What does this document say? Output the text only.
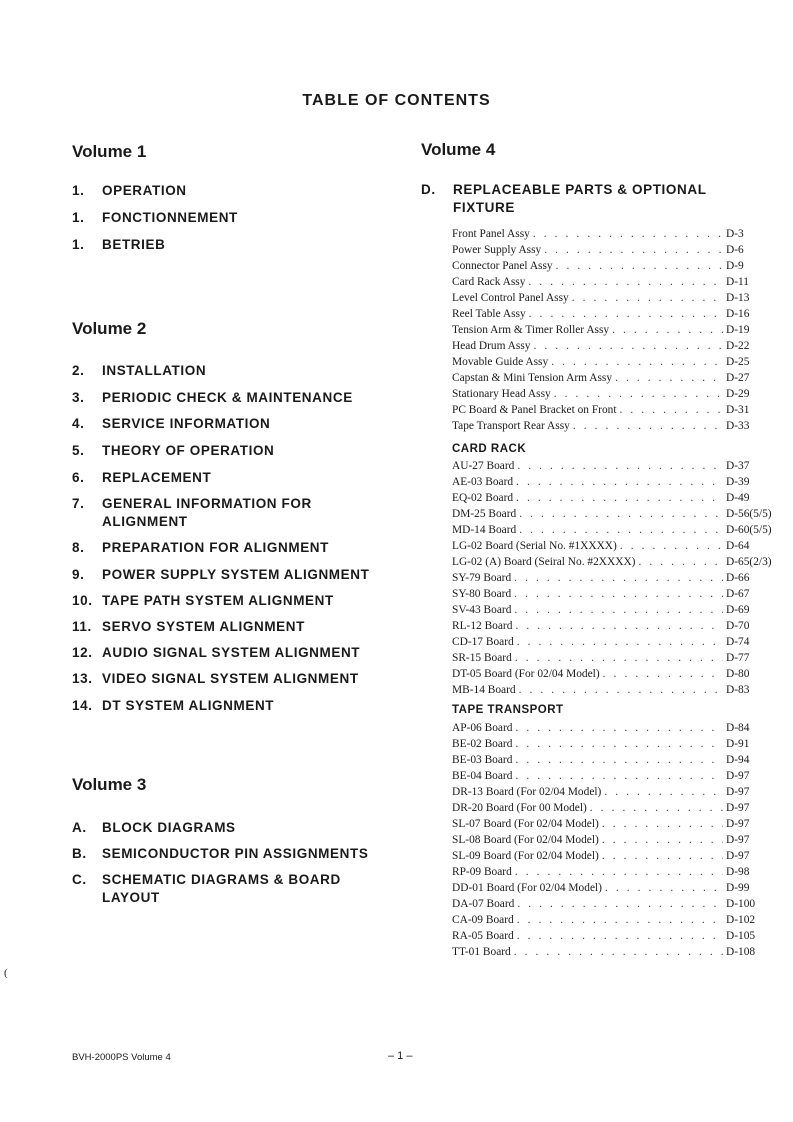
TABLE OF CONTENTS
Volume 1
1. OPERATION
1. FONCTIONNEMENT
1. BETRIEB
Volume 2
2. INSTALLATION
3. PERIODIC CHECK & MAINTENANCE
4. SERVICE INFORMATION
5. THEORY OF OPERATION
6. REPLACEMENT
7. GENERAL INFORMATION FOR ALIGNMENT
8. PREPARATION FOR ALIGNMENT
9. POWER SUPPLY SYSTEM ALIGNMENT
10. TAPE PATH SYSTEM ALIGNMENT
11. SERVO SYSTEM ALIGNMENT
12. AUDIO SIGNAL SYSTEM ALIGNMENT
13. VIDEO SIGNAL SYSTEM ALIGNMENT
14. DT SYSTEM ALIGNMENT
Volume 3
A. BLOCK DIAGRAMS
B. SEMICONDUCTOR PIN ASSIGNMENTS
C. SCHEMATIC DIAGRAMS & BOARD LAYOUT
Volume 4
D. REPLACEABLE PARTS & OPTIONAL FIXTURE
Front Panel Assy . . .	D-3
Power Supply Assy . . .	D-6
Connector Panel Assy . . .	D-9
Card Rack Assy . . .	D-11
Level Control Panel Assy . . .	D-13
Reel Table Assy . . .	D-16
Tension Arm & Timer Roller Assy . . .	D-19
Head Drum Assy . . .	D-22
Movable Guide Assy . . .	D-25
Capstan & Mini Tension Arm Assy . . .	D-27
Stationary Head Assy . . .	D-29
PC Board & Panel Bracket on Front . . .	D-31
Tape Transport Rear Assy . . .	D-33
CARD RACK
AU-27 Board . . .	D-37
AE-03 Board . . .	D-39
EQ-02 Board . . .	D-49
DM-25 Board . . .	D-56(5/5)
MD-14 Board . . .	D-60(5/5)
LG-02 Board (Serial No. #1XXXX) . . .	D-64
LG-02 (A) Board (Seiral No. #2XXXX) . . .	D-65(2/3)
SY-79 Board . . .	D-66
SY-80 Board . . .	D-67
SV-43 Board . . .	D-69
RL-12 Board . . .	D-70
CD-17 Board . . .	D-74
SR-15 Board . . .	D-77
DT-05 Board (For 02/04 Model) . . .	D-80
MB-14 Board . . .	D-83
TAPE TRANSPORT
AP-06 Board . . .	D-84
BE-02 Board . . .	D-91
BE-03 Board . . .	D-94
BE-04 Board . . .	D-97
DR-13 Board (For 02/04 Model) . . .	D-97
DR-20 Board (For 00 Model) . . .	D-97
SL-07 Board (For 02/04 Model) . . .	D-97
SL-08 Board (For 02/04 Model) . . .	D-97
SL-09 Board (For 02/04 Model) . . .	D-97
RP-09 Board . . .	D-98
DD-01 Board (For 02/04 Model) . . .	D-99
DA-07 Board . . .	D-100
CA-09 Board . . .	D-102
RA-05 Board . . .	D-105
TT-01 Board . . .	D-108
(
BVH-2000PS Volume 4	– 1 –
